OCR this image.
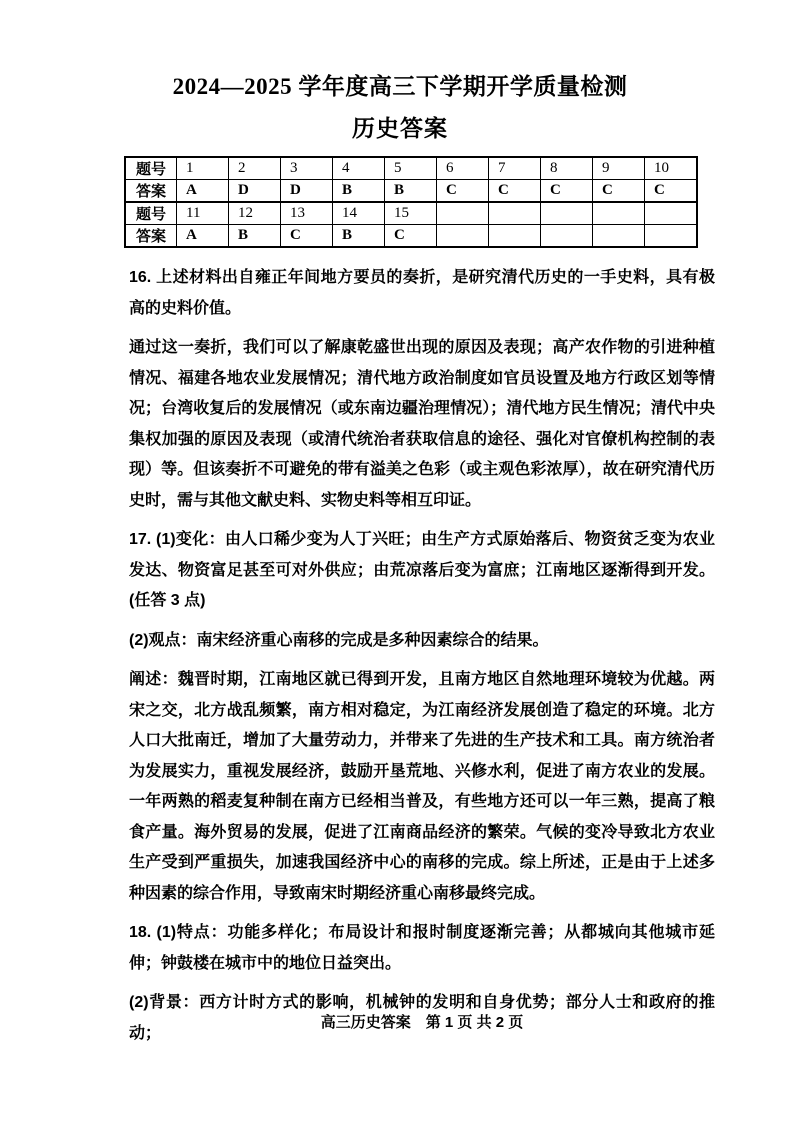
2024—2025 学年度高三下学期开学质量检测
历史答案
题号	1	2	3	4	5	6	7	8	9	10
答案	A	D	D	B	B	C	C	C	C	C
题号	11	12	13	14	15					
答案	A	B	C	B	C					

16. 上述材料出自雍正年间地方要员的奏折，是研究清代历史的一手史料，具有极高的史料价值。

通过这一奏折，我们可以了解康乾盛世出现的原因及表现；高产农作物的引进种植情况、福建各地农业发展情况；清代地方政治制度如官员设置及地方行政区划等情况；台湾收复后的发展情况（或东南边疆治理情况）；清代地方民生情况；清代中央集权加强的原因及表现（或清代统治者获取信息的途径、强化对官僚机构控制的表现）等。但该奏折不可避免的带有溢美之色彩（或主观色彩浓厚），故在研究清代历史时，需与其他文献史料、实物史料等相互印证。

17. (1)变化：由人口稀少变为人丁兴旺；由生产方式原始落后、物资贫乏变为农业发达、物资富足甚至可对外供应；由荒凉落后变为富庶；江南地区逐渐得到开发。(任答 3 点)

(2)观点：南宋经济重心南移的完成是多种因素综合的结果。

阐述：魏晋时期，江南地区就已得到开发，且南方地区自然地理环境较为优越。两宋之交，北方战乱频繁，南方相对稳定，为江南经济发展创造了稳定的环境。北方人口大批南迁，增加了大量劳动力，并带来了先进的生产技术和工具。南方统治者为发展实力，重视发展经济，鼓励开垦荒地、兴修水利，促进了南方农业的发展。一年两熟的稻麦复种制在南方已经相当普及，有些地方还可以一年三熟，提高了粮食产量。海外贸易的发展，促进了江南商品经济的繁荣。气候的变冷导致北方农业生产受到严重损失，加速我国经济中心的南移的完成。综上所述，正是由于上述多种因素的综合作用，导致南宋时期经济重心南移最终完成。

18. (1)特点：功能多样化；布局设计和报时制度逐渐完善；从都城向其他城市延伸；钟鼓楼在城市中的地位日益突出。

(2)背景：西方计时方式的影响，机械钟的发明和自身优势；部分人士和政府的推动；

高三历史答案　第 1 页 共 2 页
